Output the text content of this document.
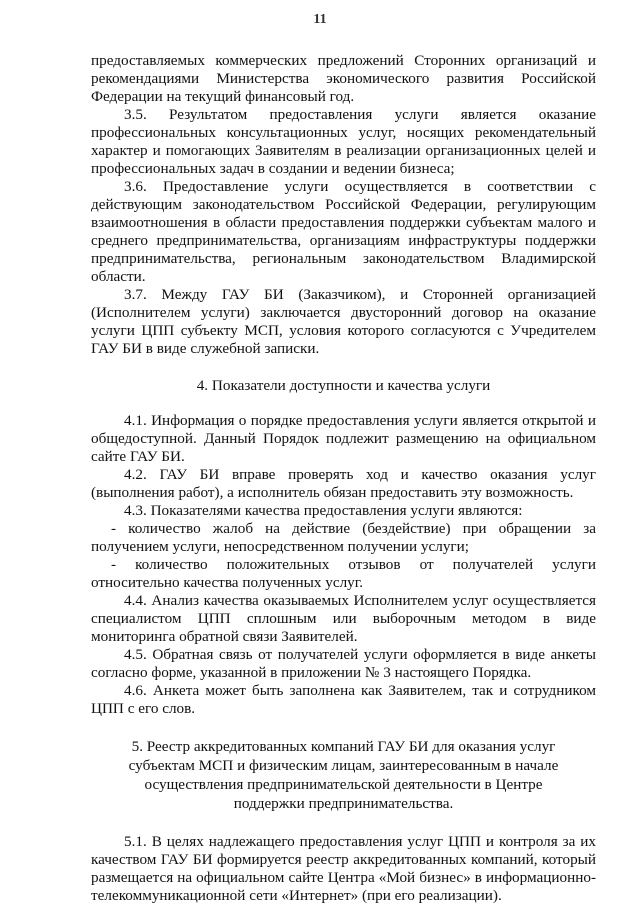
11

предоставляемых коммерческих предложений Сторонних организаций и рекомендациями Министерства экономического развития Российской Федерации на текущий финансовый год.

3.5. Результатом предоставления услуги является оказание профессиональных консультационных услуг, носящих рекомендательный характер и помогающих Заявителям в реализации организационных целей и профессиональных задач в создании и ведении бизнеса;

3.6. Предоставление услуги осуществляется в соответствии с действующим законодательством Российской Федерации, регулирующим взаимоотношения в области предоставления поддержки субъектам малого и среднего предпринимательства, организациям инфраструктуры поддержки предпринимательства, региональным законодательством Владимирской области.

3.7. Между ГАУ БИ (Заказчиком), и Сторонней организацией (Исполнителем услуги) заключается двусторонний договор на оказание услуги ЦПП субъекту МСП, условия которого согласуются с Учредителем ГАУ БИ в виде служебной записки.

4. Показатели доступности и качества услуги

4.1. Информация о порядке предоставления услуги является открытой и общедоступной. Данный Порядок подлежит размещению на официальном сайте ГАУ БИ.

4.2. ГАУ БИ вправе проверять ход и качество оказания услуг (выполнения работ), а исполнитель обязан предоставить эту возможность.

4.3. Показателями качества предоставления услуги являются:

- количество жалоб на действие (бездействие) при обращении за получением услуги, непосредственном получении услуги;

- количество положительных отзывов от получателей услуги относительно качества полученных услуг.

4.4. Анализ качества оказываемых Исполнителем услуг осуществляется специалистом ЦПП сплошным или выборочным методом в виде мониторинга обратной связи Заявителей.

4.5. Обратная связь от получателей услуги оформляется в виде анкеты согласно форме, указанной в приложении № 3 настоящего Порядка.

4.6. Анкета может быть заполнена как Заявителем, так и сотрудником ЦПП с его слов.

5. Реестр аккредитованных компаний ГАУ БИ для оказания услуг субъектам МСП и физическим лицам, заинтересованным в начале осуществления предпринимательской деятельности в Центре поддержки предпринимательства.

5.1. В целях надлежащего предоставления услуг ЦПП и контроля за их качеством ГАУ БИ формируется реестр аккредитованных компаний, который размещается на официальном сайте Центра «Мой бизнес» в информационно-телекоммуникационной сети «Интернет» (при его реализации).
